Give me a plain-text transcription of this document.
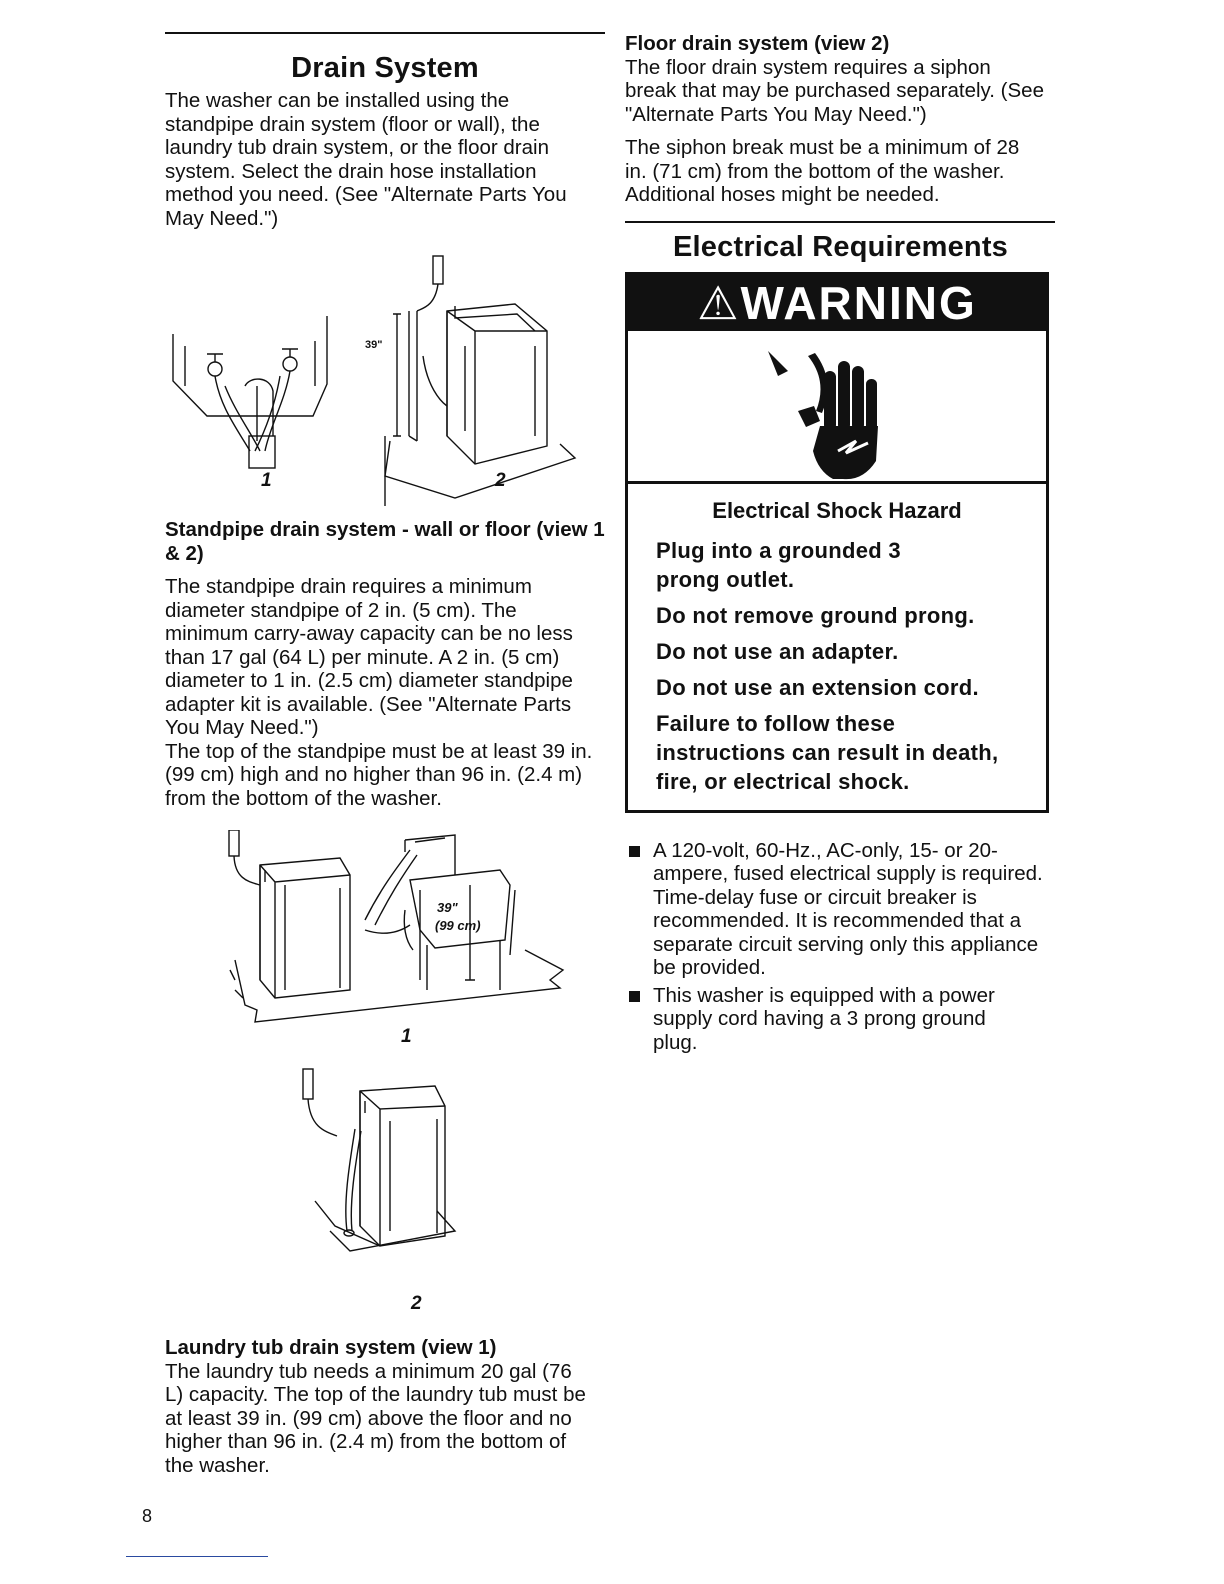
Drain System

The washer can be installed using the standpipe drain system (floor or wall), the laundry tub drain system, or the floor drain system. Select the drain hose installation method you need. (See "Alternate Parts You May Need.")

39"
1	2

Standpipe drain system - wall or floor (view 1 & 2)

The standpipe drain requires a minimum diameter standpipe of 2 in. (5 cm). The minimum carry-away capacity can be no less than 17 gal (64 L) per minute. A 2 in. (5 cm) diameter to 1 in. (2.5 cm) diameter standpipe adapter kit is available. (See "Alternate Parts You May Need.")

The top of the standpipe must be at least 39 in. (99 cm) high and no higher than 96 in. (2.4 m) from the bottom of the washer.

39"
(99 cm)
1
2

Laundry tub drain system (view 1)

The laundry tub needs a minimum 20 gal (76 L) capacity. The top of the laundry tub must be at least 39 in. (99 cm) above the floor and no higher than 96 in. (2.4 m) from the bottom of the washer.

Floor drain system (view 2)

The floor drain system requires a siphon break that may be purchased separately. (See "Alternate Parts You May Need.")

The siphon break must be a minimum of 28 in. (71 cm) from the bottom of the washer. Additional hoses might be needed.

Electrical Requirements
⚠WARNING

Electrical Shock Hazard

Plug into a grounded 3 prong outlet.

Do not remove ground prong.

Do not use an adapter.

Do not use an extension cord.

Failure to follow these instructions can result in death, fire, or electrical shock.

A 120-volt, 60-Hz., AC-only, 15- or 20-ampere, fused electrical supply is required. Time-delay fuse or circuit breaker is recommended. It is recommended that a separate circuit serving only this appliance be provided.
This washer is equipped with a power supply cord having a 3 prong ground plug.
8
